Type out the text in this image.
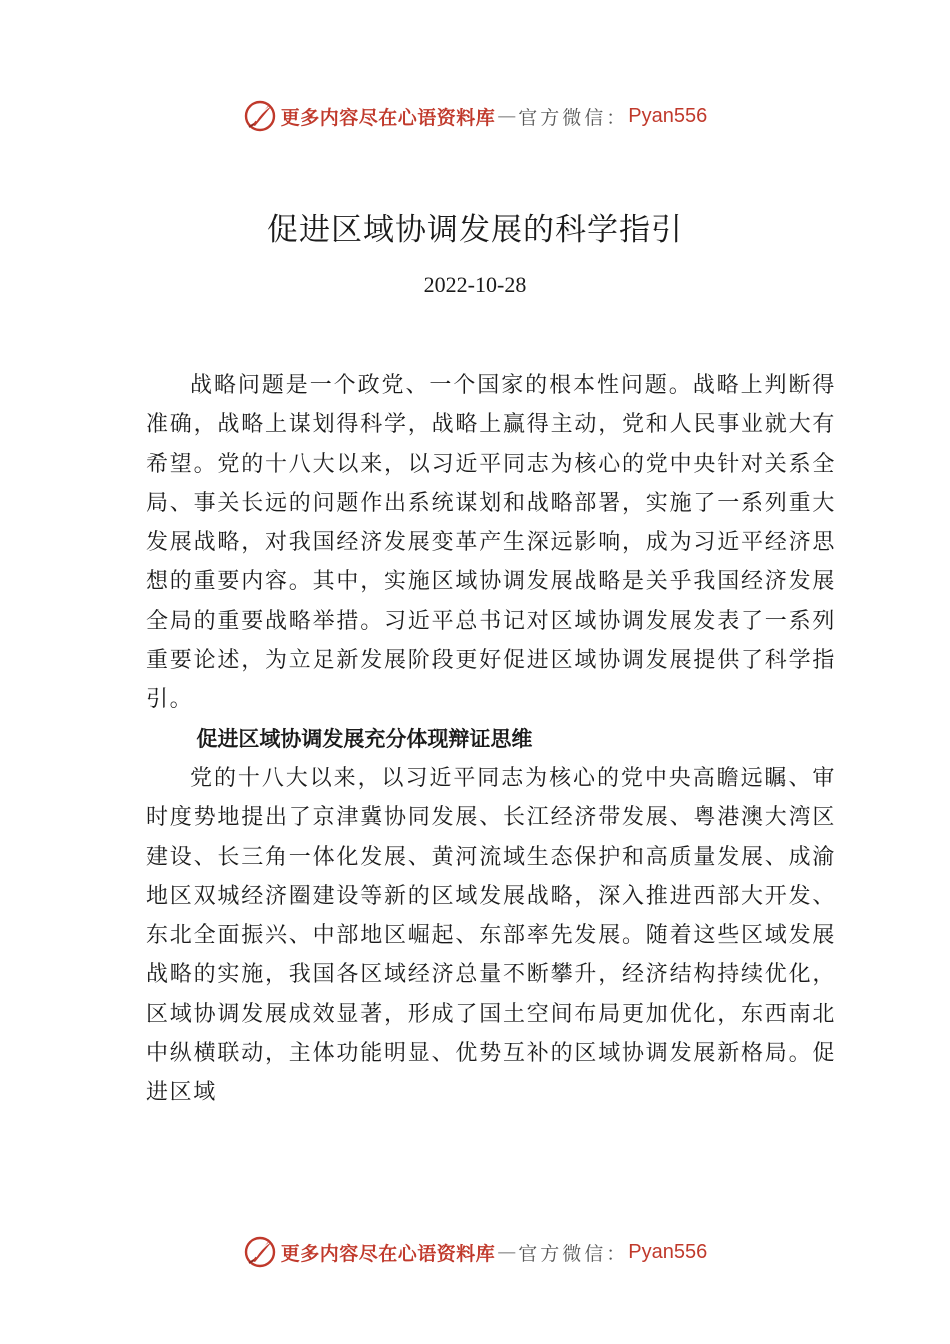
更多内容尽在心语资料库 — 官方微信： Pyan556
促进区域协调发展的科学指引
2022-10-28

战略问题是一个政党、一个国家的根本性问题。战略上判断得准确，战略上谋划得科学，战略上赢得主动，党和人民事业就大有希望。党的十八大以来，以习近平同志为核心的党中央针对关系全局、事关长远的问题作出系统谋划和战略部署，实施了一系列重大发展战略，对我国经济发展变革产生深远影响，成为习近平经济思想的重要内容。其中，实施区域协调发展战略是关乎我国经济发展全局的重要战略举措。习近平总书记对区域协调发展发表了一系列重要论述，为立足新发展阶段更好促进区域协调发展提供了科学指引。

促进区域协调发展充分体现辩证思维

党的十八大以来，以习近平同志为核心的党中央高瞻远瞩、审时度势地提出了京津冀协同发展、长江经济带发展、粤港澳大湾区建设、长三角一体化发展、黄河流域生态保护和高质量发展、成渝地区双城经济圈建设等新的区域发展战略，深入推进西部大开发、东北全面振兴、中部地区崛起、东部率先发展。随着这些区域发展战略的实施，我国各区域经济总量不断攀升，经济结构持续优化，区域协调发展成效显著，形成了国土空间布局更加优化，东西南北中纵横联动，主体功能明显、优势互补的区域协调发展新格局。促进区域

更多内容尽在心语资料库 — 官方微信： Pyan556
